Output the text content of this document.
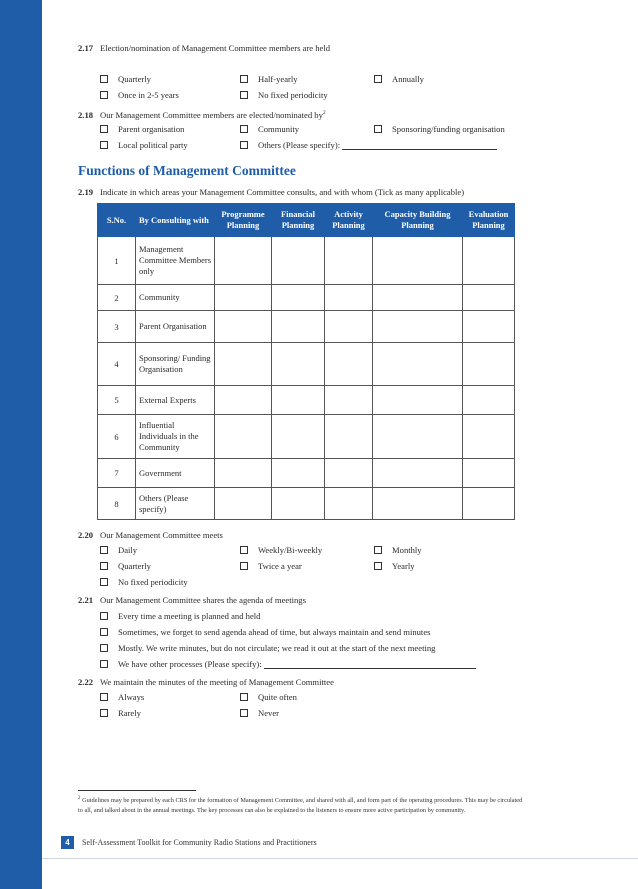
2.17 Election/nomination of Management Committee members are held
Quarterly	Half-yearly	Annually
Once in 2-5 years	No fixed periodicity
2.18 Our Management Committee members are elected/nominated $by^2$
Parent organisation	Community	Sponsoring/funding organisation
Local political party	Others (Please specify):

Functions of Management Committee
2.19 Indicate in which areas your Management Committee consults, and with whom (Tick as many applicable)
S.No.	By Consulting with	Programme Planning	Financial Planning	Activity Planning	Capacity Building Planning	Evaluation Planning
1	Management Committee Members only					
2	Community					
3	Parent Organisation					
4	Sponsoring/ Funding Organisation					
5	External Experts					
6	Influential Individuals in the Community					
7	Government					
8	Others (Please specify)					
2.20 Our Management Committee meets
Daily	Weekly/Bi-weekly	Monthly
Quarterly	Twice a year	Yearly
No fixed periodicity
2.21 Our Management Committee shares the agenda of meetings
Every time a meeting is planned and held
Sometimes, we forget to send agenda ahead of time, but always maintain and send minutes
Mostly. We write minutes, but do not circulate; we read it out at the start of the next meeting
We have other processes (Please specify):

2.22 We maintain the minutes of the meeting of Management Committee
Always	Quite often
Rarely	Never
$^2$ Guidelines may be prepared by each CRS for the formation of Management Committee, and shared with all, and form part of the operating procedures. This may be circulated to all, and talked about in the annual meetings. The key processes can also be explained to the listeners to ensure more active participation by community.
4	Self-Assessment Toolkit for Community Radio Stations and Practitioners
